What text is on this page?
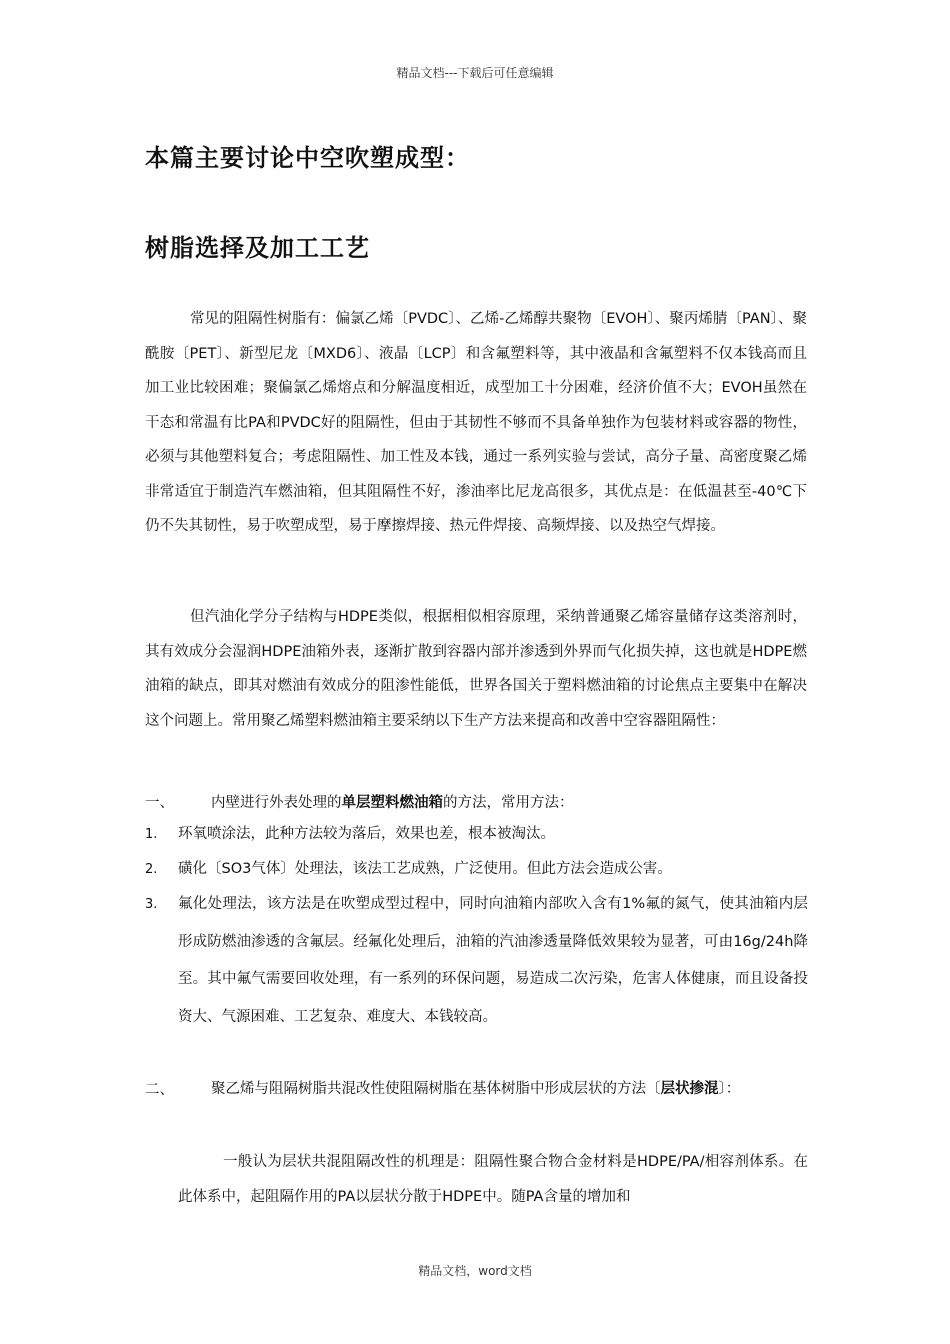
精品文档---下载后可任意编辑
本篇主要讨论中空吹塑成型：
树脂选择及加工工艺

常见的阻隔性树脂有：偏氯乙烯〔PVDC〕、乙烯-乙烯醇共聚物〔EVOH〕、聚丙烯腈〔PAN〕、聚酰胺〔PET〕、新型尼龙〔MXD6〕、液晶〔LCP〕和含氟塑料等，其中液晶和含氟塑料不仅本钱高而且加工业比较困难；聚偏氯乙烯熔点和分解温度相近，成型加工十分困难，经济价值不大；EVOH虽然在干态和常温有比PA和PVDC好的阻隔性，但由于其韧性不够而不具备单独作为包装材料或容器的物性，必须与其他塑料复合；考虑阻隔性、加工性及本钱，通过一系列实验与尝试，高分子量、高密度聚乙烯非常适宜于制造汽车燃油箱，但其阻隔性不好，渗油率比尼龙高很多，其优点是：在低温甚至-40℃下仍不失其韧性，易于吹塑成型，易于摩擦焊接、热元件焊接、高频焊接、以及热空气焊接。

但汽油化学分子结构与HDPE类似，根据相似相容原理，采纳普通聚乙烯容量储存这类溶剂时，其有效成分会湿润HDPE油箱外表，逐渐扩散到容器内部并渗透到外界而气化损失掉，这也就是HDPE燃油箱的缺点，即其对燃油有效成分的阻渗性能低，世界各国关于塑料燃油箱的讨论焦点主要集中在解决这个问题上。常用聚乙烯塑料燃油箱主要采纳以下生产方法来提高和改善中空容器阻隔性：

一、	内壁进行外表处理的单层塑料燃油箱的方法，常用方法：
1. 环氧喷涂法，此种方法较为落后，效果也差，根本被淘汰。

2. 磺化〔SO3气体〕处理法，该法工艺成熟，广泛使用。但此方法会造成公害。

3. 氟化处理法，该方法是在吹塑成型过程中，同时向油箱内部吹入含有1%氟的氮气，使其油箱内层形成防燃油渗透的含氟层。经氟化处理后，油箱的汽油渗透量降低效果较为显著，可由16g/24h降至。其中氟气需要回收处理，有一系列的环保问题，易造成二次污染，危害人体健康，而且设备投资大、气源困难、工艺复杂、难度大、本钱较高。

二、	聚乙烯与阻隔树脂共混改性使阻隔树脂在基体树脂中形成层状的方法〔层状掺混〕：

一般认为层状共混阻隔改性的机理是：阻隔性聚合物合金材料是HDPE/PA/相容剂体系。在此体系中，起阻隔作用的PA以层状分散于HDPE中。随PA含量的增加和

精品文档，word文档
